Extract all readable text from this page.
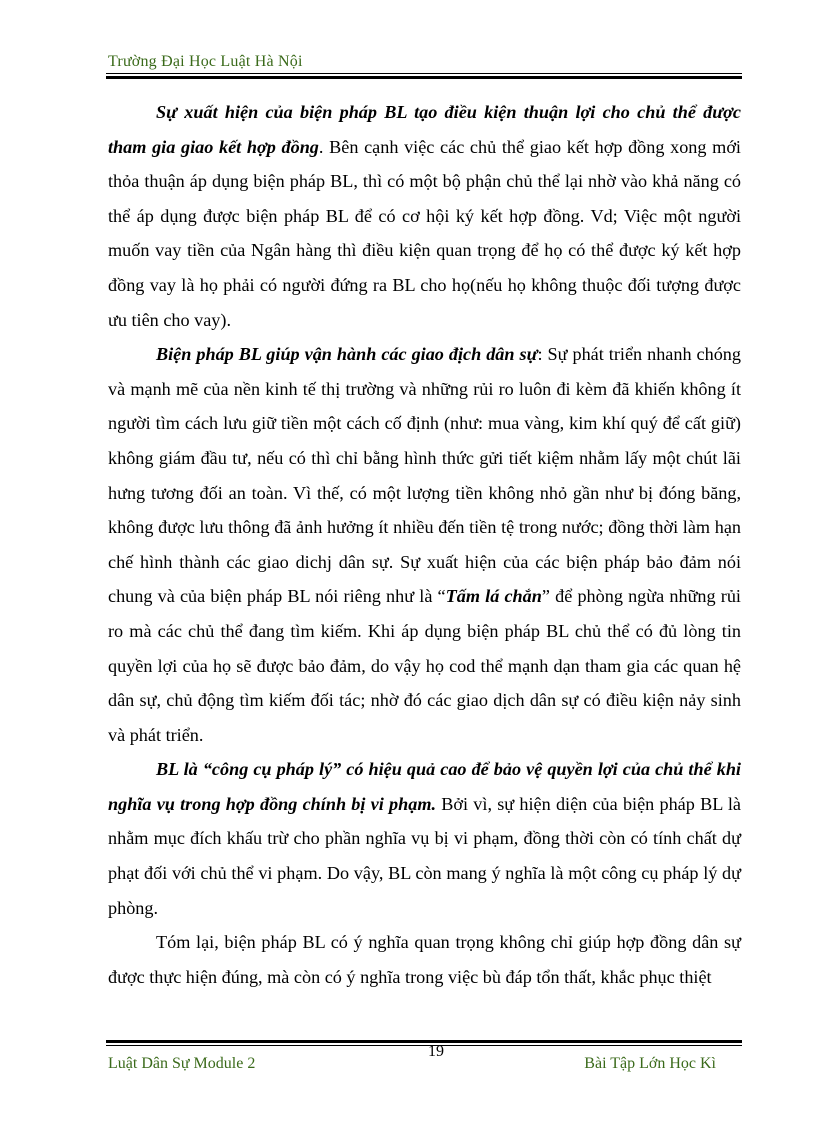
Trường Đại Học Luật Hà Nội

Sự xuất hiện của biện pháp BL tạo điều kiện thuận lợi cho chủ thể được tham gia giao kết hợp đồng. Bên cạnh việc các chủ thể giao kết hợp đồng xong mới thỏa thuận áp dụng biện pháp BL, thì có một bộ phận chủ thể lại nhờ vào khả năng có thể áp dụng được biện pháp BL để có cơ hội ký kết hợp đồng. Vd; Việc một người muốn vay tiền của Ngân hàng thì điều kiện quan trọng để họ có thể được ký kết hợp đồng vay là họ phải có người đứng ra BL cho họ(nếu họ không thuộc đối tượng được ưu tiên cho vay).

Biện pháp BL giúp vận hành các giao địch dân sự: Sự phát triển nhanh chóng và mạnh mẽ của nền kinh tế thị trường và những rủi ro luôn đi kèm đã khiến không ít người tìm cách lưu giữ tiền một cách cố định (như: mua vàng, kim khí quý để cất giữ) không giám đầu tư, nếu có thì chỉ bằng hình thức gửi tiết kiệm nhằm lấy một chút lãi hưng tương đối an toàn. Vì thế, có một lượng tiền không nhỏ gần như bị đóng băng, không được lưu thông đã ảnh hưởng ít nhiều đến tiền tệ trong nước; đồng thời làm hạn chế hình thành các giao dichj dân sự. Sự xuất hiện của các biện pháp bảo đảm nói chung và của biện pháp BL nói riêng như là “Tấm lá chắn” để phòng ngừa những rủi ro mà các chủ thể đang tìm kiếm. Khi áp dụng biện pháp BL chủ thể có đủ lòng tin quyền lợi của họ sẽ được bảo đảm, do vậy họ cod thể mạnh dạn tham gia các quan hệ dân sự, chủ động tìm kiếm đối tác; nhờ đó các giao dịch dân sự có điều kiện nảy sinh và phát triển.

BL là “công cụ pháp lý” có hiệu quả cao để bảo vệ quyền lợi của chủ thể khi nghĩa vụ trong hợp đồng chính bị vi phạm. Bởi vì, sự hiện diện của biện pháp BL là nhằm mục đích khấu trừ cho phần nghĩa vụ bị vi phạm, đồng thời còn có tính chất dự phạt đối với chủ thể vi phạm. Do vậy, BL còn mang ý nghĩa là một công cụ pháp lý dự phòng.

Tóm lại, biện pháp BL có ý nghĩa quan trọng không chỉ giúp hợp đồng dân sự được thực hiện đúng, mà còn có ý nghĩa trong việc bù đáp tổn thất, khắc phục thiệt

19
Luật Dân Sự Module 2	Bài Tập Lớn Học Kì
